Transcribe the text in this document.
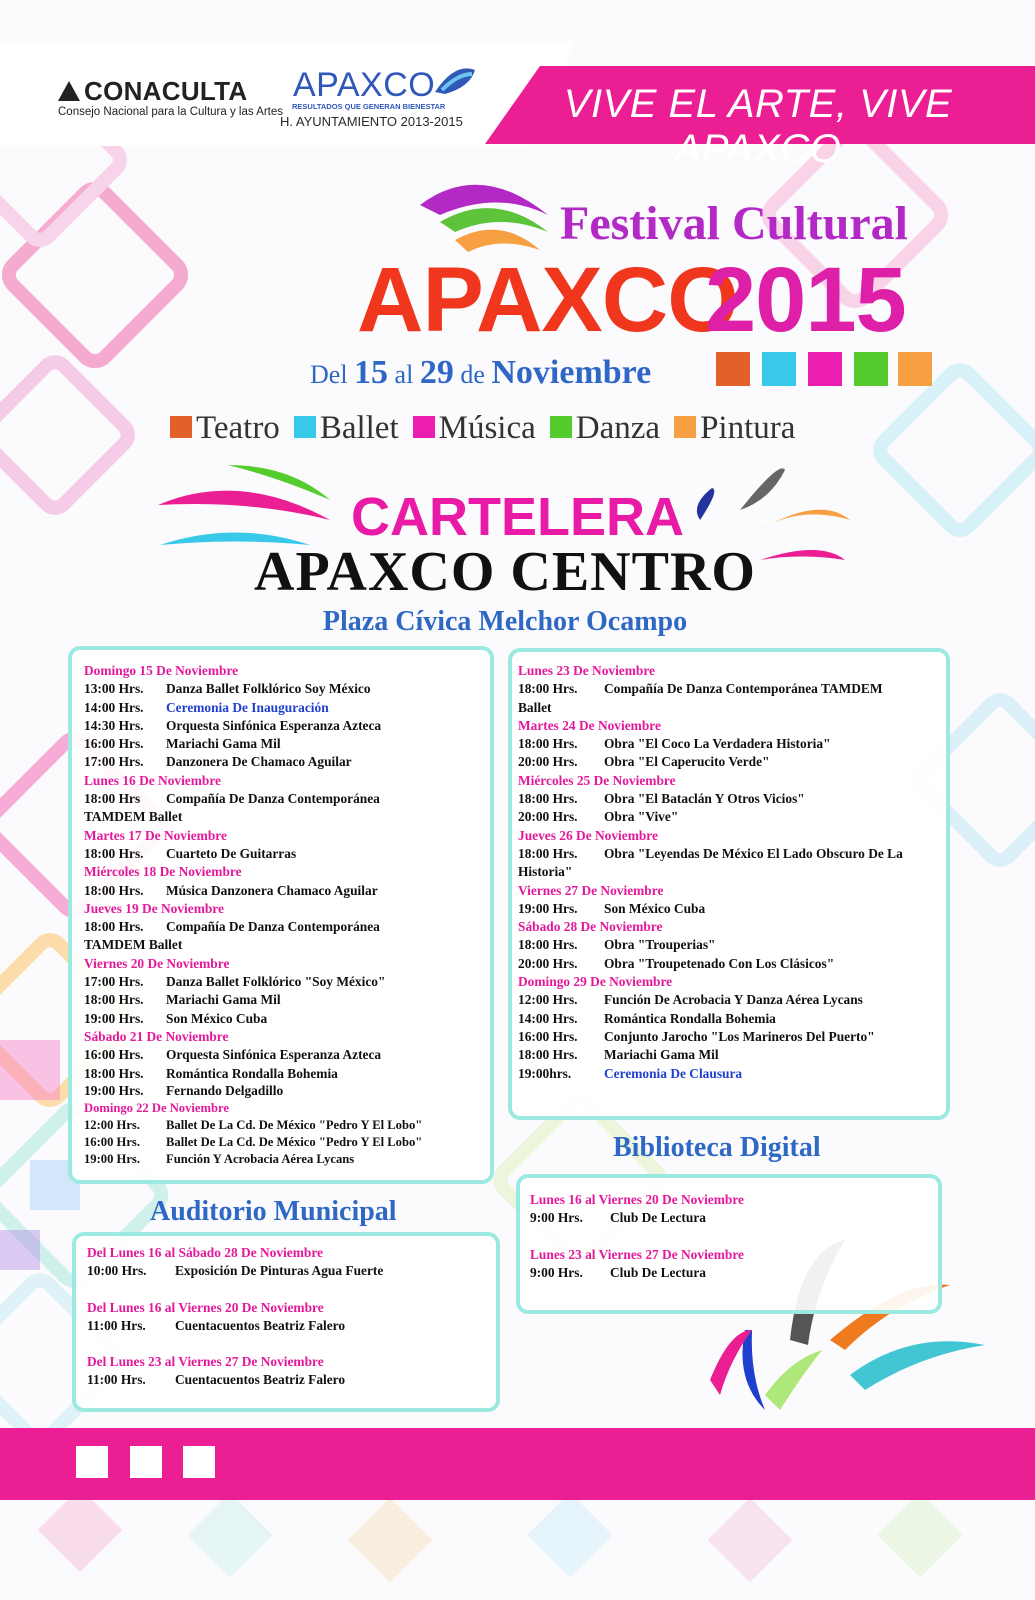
VIVE EL ARTE, VIVE APAXCO
CONACULTA
Consejo Nacional para la Cultura y las Artes
APAXCO
RESULTADOS QUE GENERAN BIENESTAR
H. AYUNTAMIENTO 2013-2015
Festival Cultural
APAXCO
2015
Del 15 al 29 de Noviembre
Teatro Ballet Música Danza Pintura
CARTELERA
APAXCO CENTRO
Plaza Cívica Melchor Ocampo
Domingo 15 De Noviembre
13:00 Hrs. Danza Ballet Folklórico Soy México
14:00 Hrs. Ceremonia De Inauguración
14:30 Hrs. Orquesta Sinfónica Esperanza Azteca
16:00 Hrs. Mariachi Gama Mil
17:00 Hrs. Danzonera De Chamaco Aguilar
Lunes 16 De Noviembre
18:00 Hrs Compañía De Danza Contemporánea
TAMDEM Ballet
Martes 17 De Noviembre
18:00 Hrs. Cuarteto De Guitarras
Miércoles 18 De Noviembre
18:00 Hrs. Música Danzonera Chamaco Aguilar
Jueves 19 De Noviembre
18:00 Hrs. Compañía De Danza Contemporánea
TAMDEM Ballet
Viernes 20 De Noviembre
17:00 Hrs. Danza Ballet Folklórico "Soy México"
18:00 Hrs. Mariachi Gama Mil
19:00 Hrs. Son México Cuba
Sábado 21 De Noviembre
16:00 Hrs. Orquesta Sinfónica Esperanza Azteca
18:00 Hrs. Romántica Rondalla Bohemia
19:00 Hrs. Fernando Delgadillo
Domingo 22 De Noviembre
12:00 Hrs. Ballet De La Cd. De México "Pedro Y El Lobo"
16:00 Hrs. Ballet De La Cd. De México "Pedro Y El Lobo"
19:00 Hrs. Función Y Acrobacia Aérea Lycans
Lunes 23 De Noviembre
18:00 Hrs. Compañía De Danza Contemporánea TAMDEM
Ballet
Martes 24 De Noviembre
18:00 Hrs. Obra "El Coco La Verdadera Historia"
20:00 Hrs. Obra "El Caperucito Verde"
Miércoles 25 De Noviembre
18:00 Hrs. Obra "El Bataclán Y Otros Vicios"
20:00 Hrs. Obra "Vive"
Jueves 26 De Noviembre
18:00 Hrs. Obra "Leyendas De México El Lado Obscuro De La
Historia"
Viernes 27 De Noviembre
19:00 Hrs. Son México Cuba
Sábado 28 De Noviembre
18:00 Hrs. Obra "Trouperias"
20:00 Hrs. Obra "Troupetenado Con Los Clásicos"
Domingo 29 De Noviembre
12:00 Hrs. Función De Acrobacia Y Danza Aérea Lycans
14:00 Hrs. Romántica Rondalla Bohemia
16:00 Hrs. Conjunto Jarocho "Los Marineros Del Puerto"
18:00 Hrs. Mariachi Gama Mil
19:00hrs. Ceremonia De Clausura
Auditorio Municipal
Del Lunes 16 al Sábado 28 De Noviembre
10:00 Hrs. Exposición De Pinturas Agua Fuerte
Del Lunes 16 al Viernes 20 De Noviembre
11:00 Hrs. Cuentacuentos Beatriz Falero
Del Lunes 23 al Viernes 27 De Noviembre
11:00 Hrs. Cuentacuentos Beatriz Falero
Biblioteca Digital
Lunes 16 al Viernes 20 De Noviembre
9:00 Hrs. Club De Lectura
Lunes 23 al Viernes 27 De Noviembre
9:00 Hrs. Club De Lectura
